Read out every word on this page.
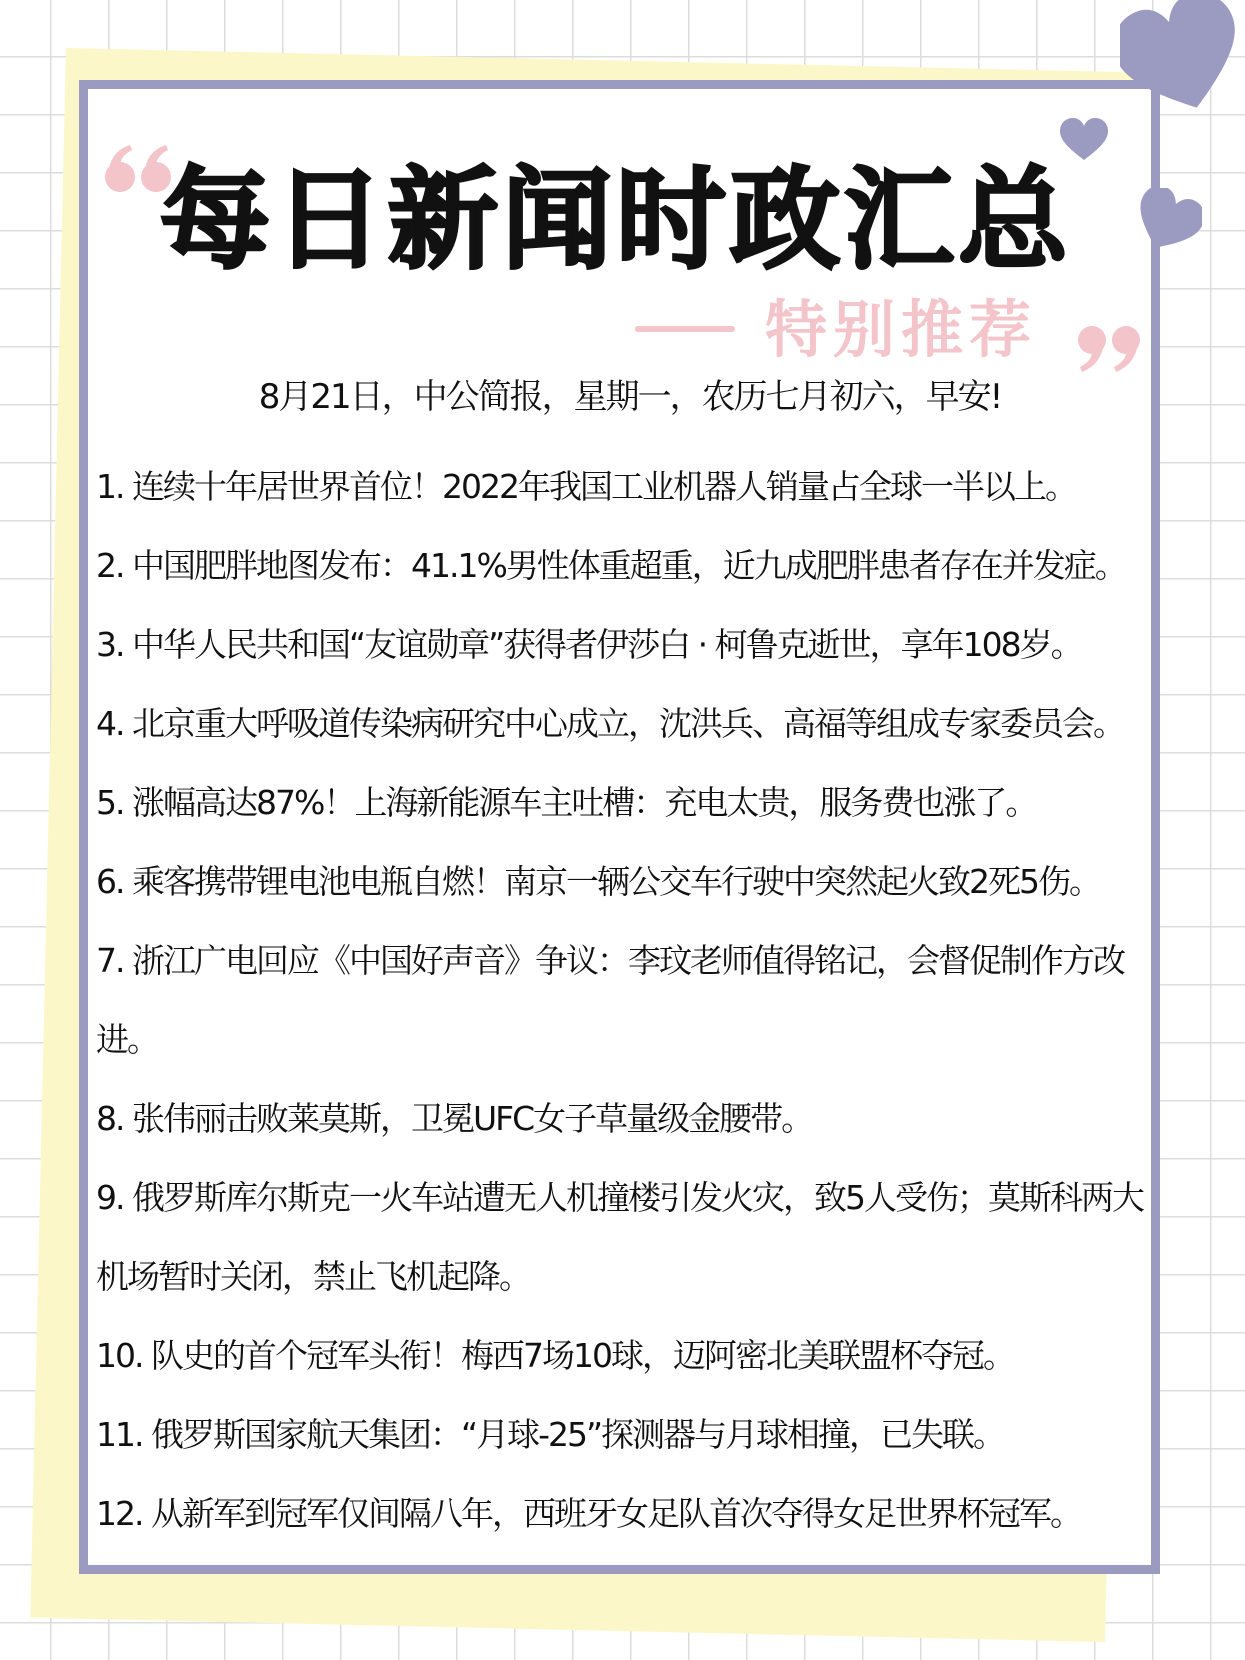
每日新闻时政汇总
特别推荐

8月21日，中公简报，星期一，农历七月初六，早安!

1. 连续十年居世界首位！2022年我国工业机器人销量占全球一半以上。
2. 中国肥胖地图发布：41.1%男性体重超重，近九成肥胖患者存在并发症。
3. 中华人民共和国“友谊勋章”获得者伊莎白 · 柯鲁克逝世，享年108岁。
4. 北京重大呼吸道传染病研究中心成立，沈洪兵、高福等组成专家委员会。
5. 涨幅高达87%！上海新能源车主吐槽：充电太贵，服务费也涨了。
6. 乘客携带锂电池电瓶自燃！南京一辆公交车行驶中突然起火致2死5伤。
7. 浙江广电回应《中国好声音》争议：李玟老师值得铭记，会督促制作方改进。
8. 张伟丽击败莱莫斯，卫冕UFC女子草量级金腰带。
9. 俄罗斯库尔斯克一火车站遭无人机撞楼引发火灾，致5人受伤；莫斯科两大机场暂时关闭，禁止飞机起降。
10. 队史的首个冠军头衔！梅西7场10球，迈阿密北美联盟杯夺冠。
11. 俄罗斯国家航天集团：“月球-25”探测器与月球相撞，已失联。
12. 从新军到冠军仅间隔八年，西班牙女足队首次夺得女足世界杯冠军。
